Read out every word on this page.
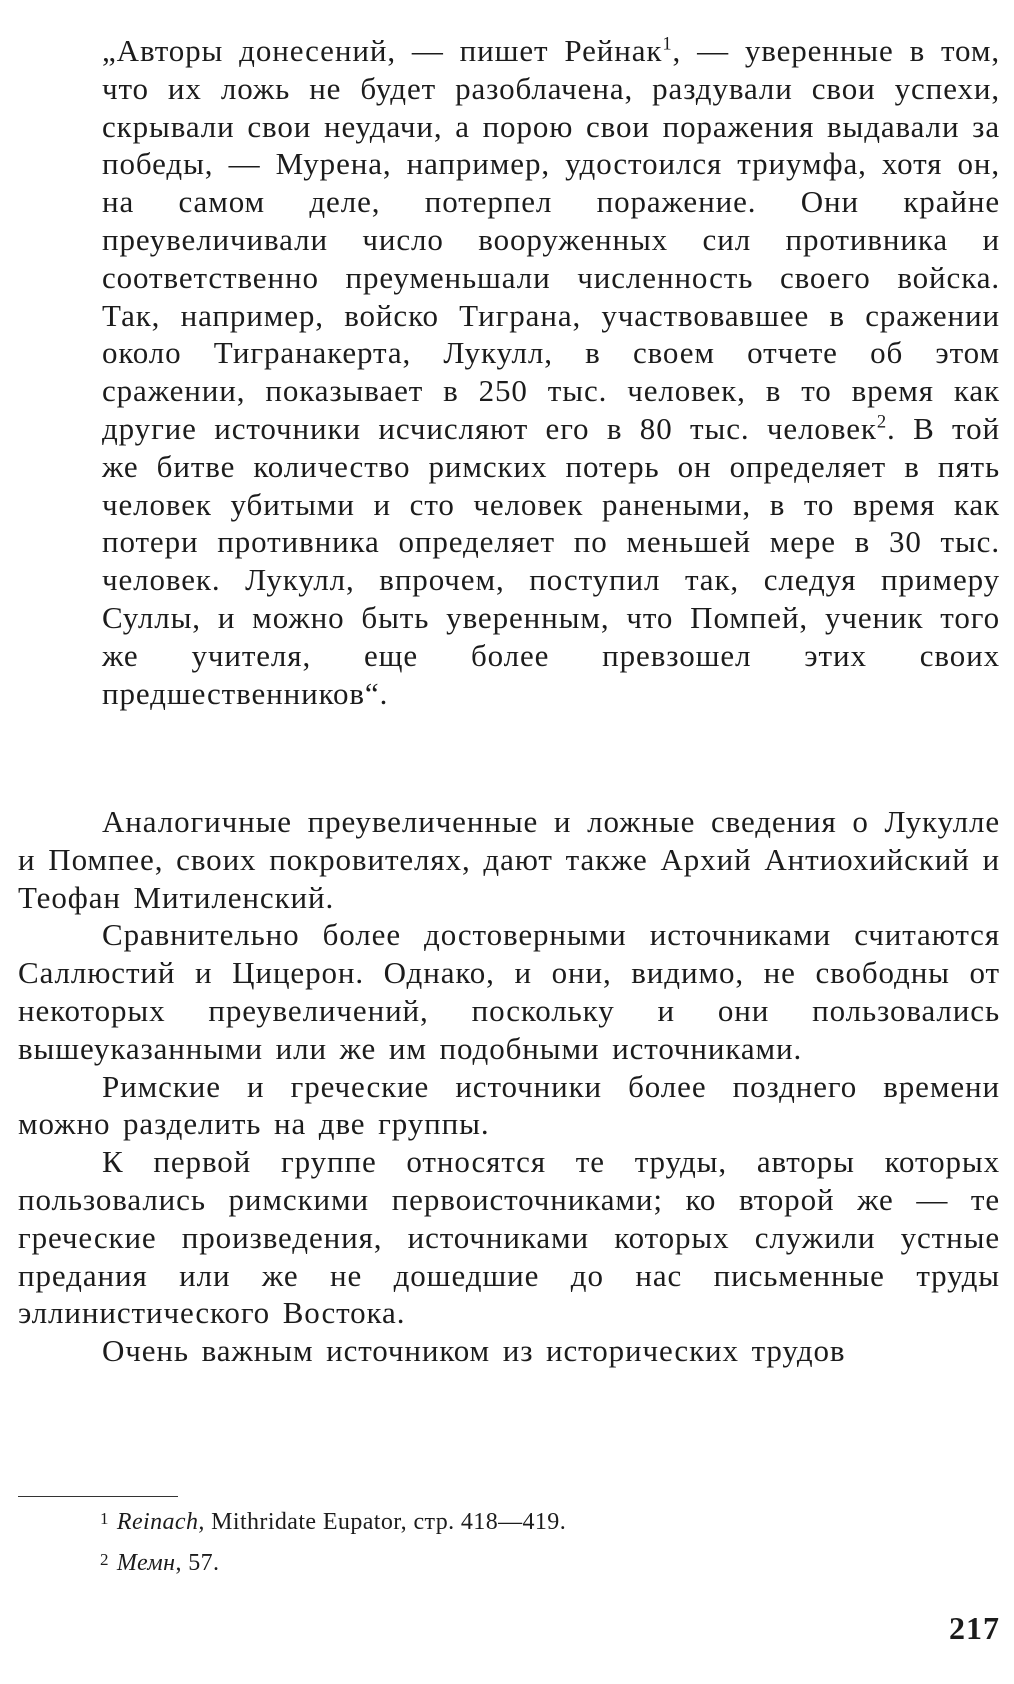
„Авторы донесений, — пишет Рейнак$^1$, — уверенные в том, что их ложь не будет разоблачена, раздували свои успехи, скрывали свои неудачи, а порою свои поражения выдавали за победы, — Мурена, например, удостоился триумфа, хотя он, на самом деле, потерпел поражение. Они крайне преувеличивали число вооруженных сил противника и соответственно преуменьшали численность своего войска. Так, например, войско Тиграна, участвовавшее в сражении около Тигранакерта, Лукулл, в своем отчете об этом сражении, показывает в 250 тыс. человек, в то время как другие источники исчисляют его в 80 тыс. человек$^2$. В той же битве количество римских потерь он определяет в пять человек убитыми и сто человек ранеными, в то время как потери противника определяет по меньшей мере в 30 тыс. человек. Лукулл, впрочем, поступил так, следуя примеру Суллы, и можно быть уверенным, что Помпей, ученик того же учителя, еще более превзошел этих своих предшественников“.

Аналогичные преувеличенные и ложные сведения о Лукулле и Помпее, своих покровителях, дают также Архий Антиохийский и Теофан Митиленский.

Сравнительно более достоверными источниками считаются Саллюстий и Цицерон. Однако, и они, видимо, не свободны от некоторых преувеличений, поскольку и они пользовались вышеуказанными или же им подобными источниками.

Римские и греческие источники более позднего времени можно разделить на две группы.

К первой группе относятся те труды, авторы которых пользовались римскими первоисточниками; ко второй же — те греческие произведения, источниками которых служили устные предания или же не дошедшие до нас письменные труды эллинистического Востока.

Очень важным источником из исторических трудов

$^1$ Reinach, Mithridate Eupator, стр. 418—419.

$^2$ Мемн, 57.

217
